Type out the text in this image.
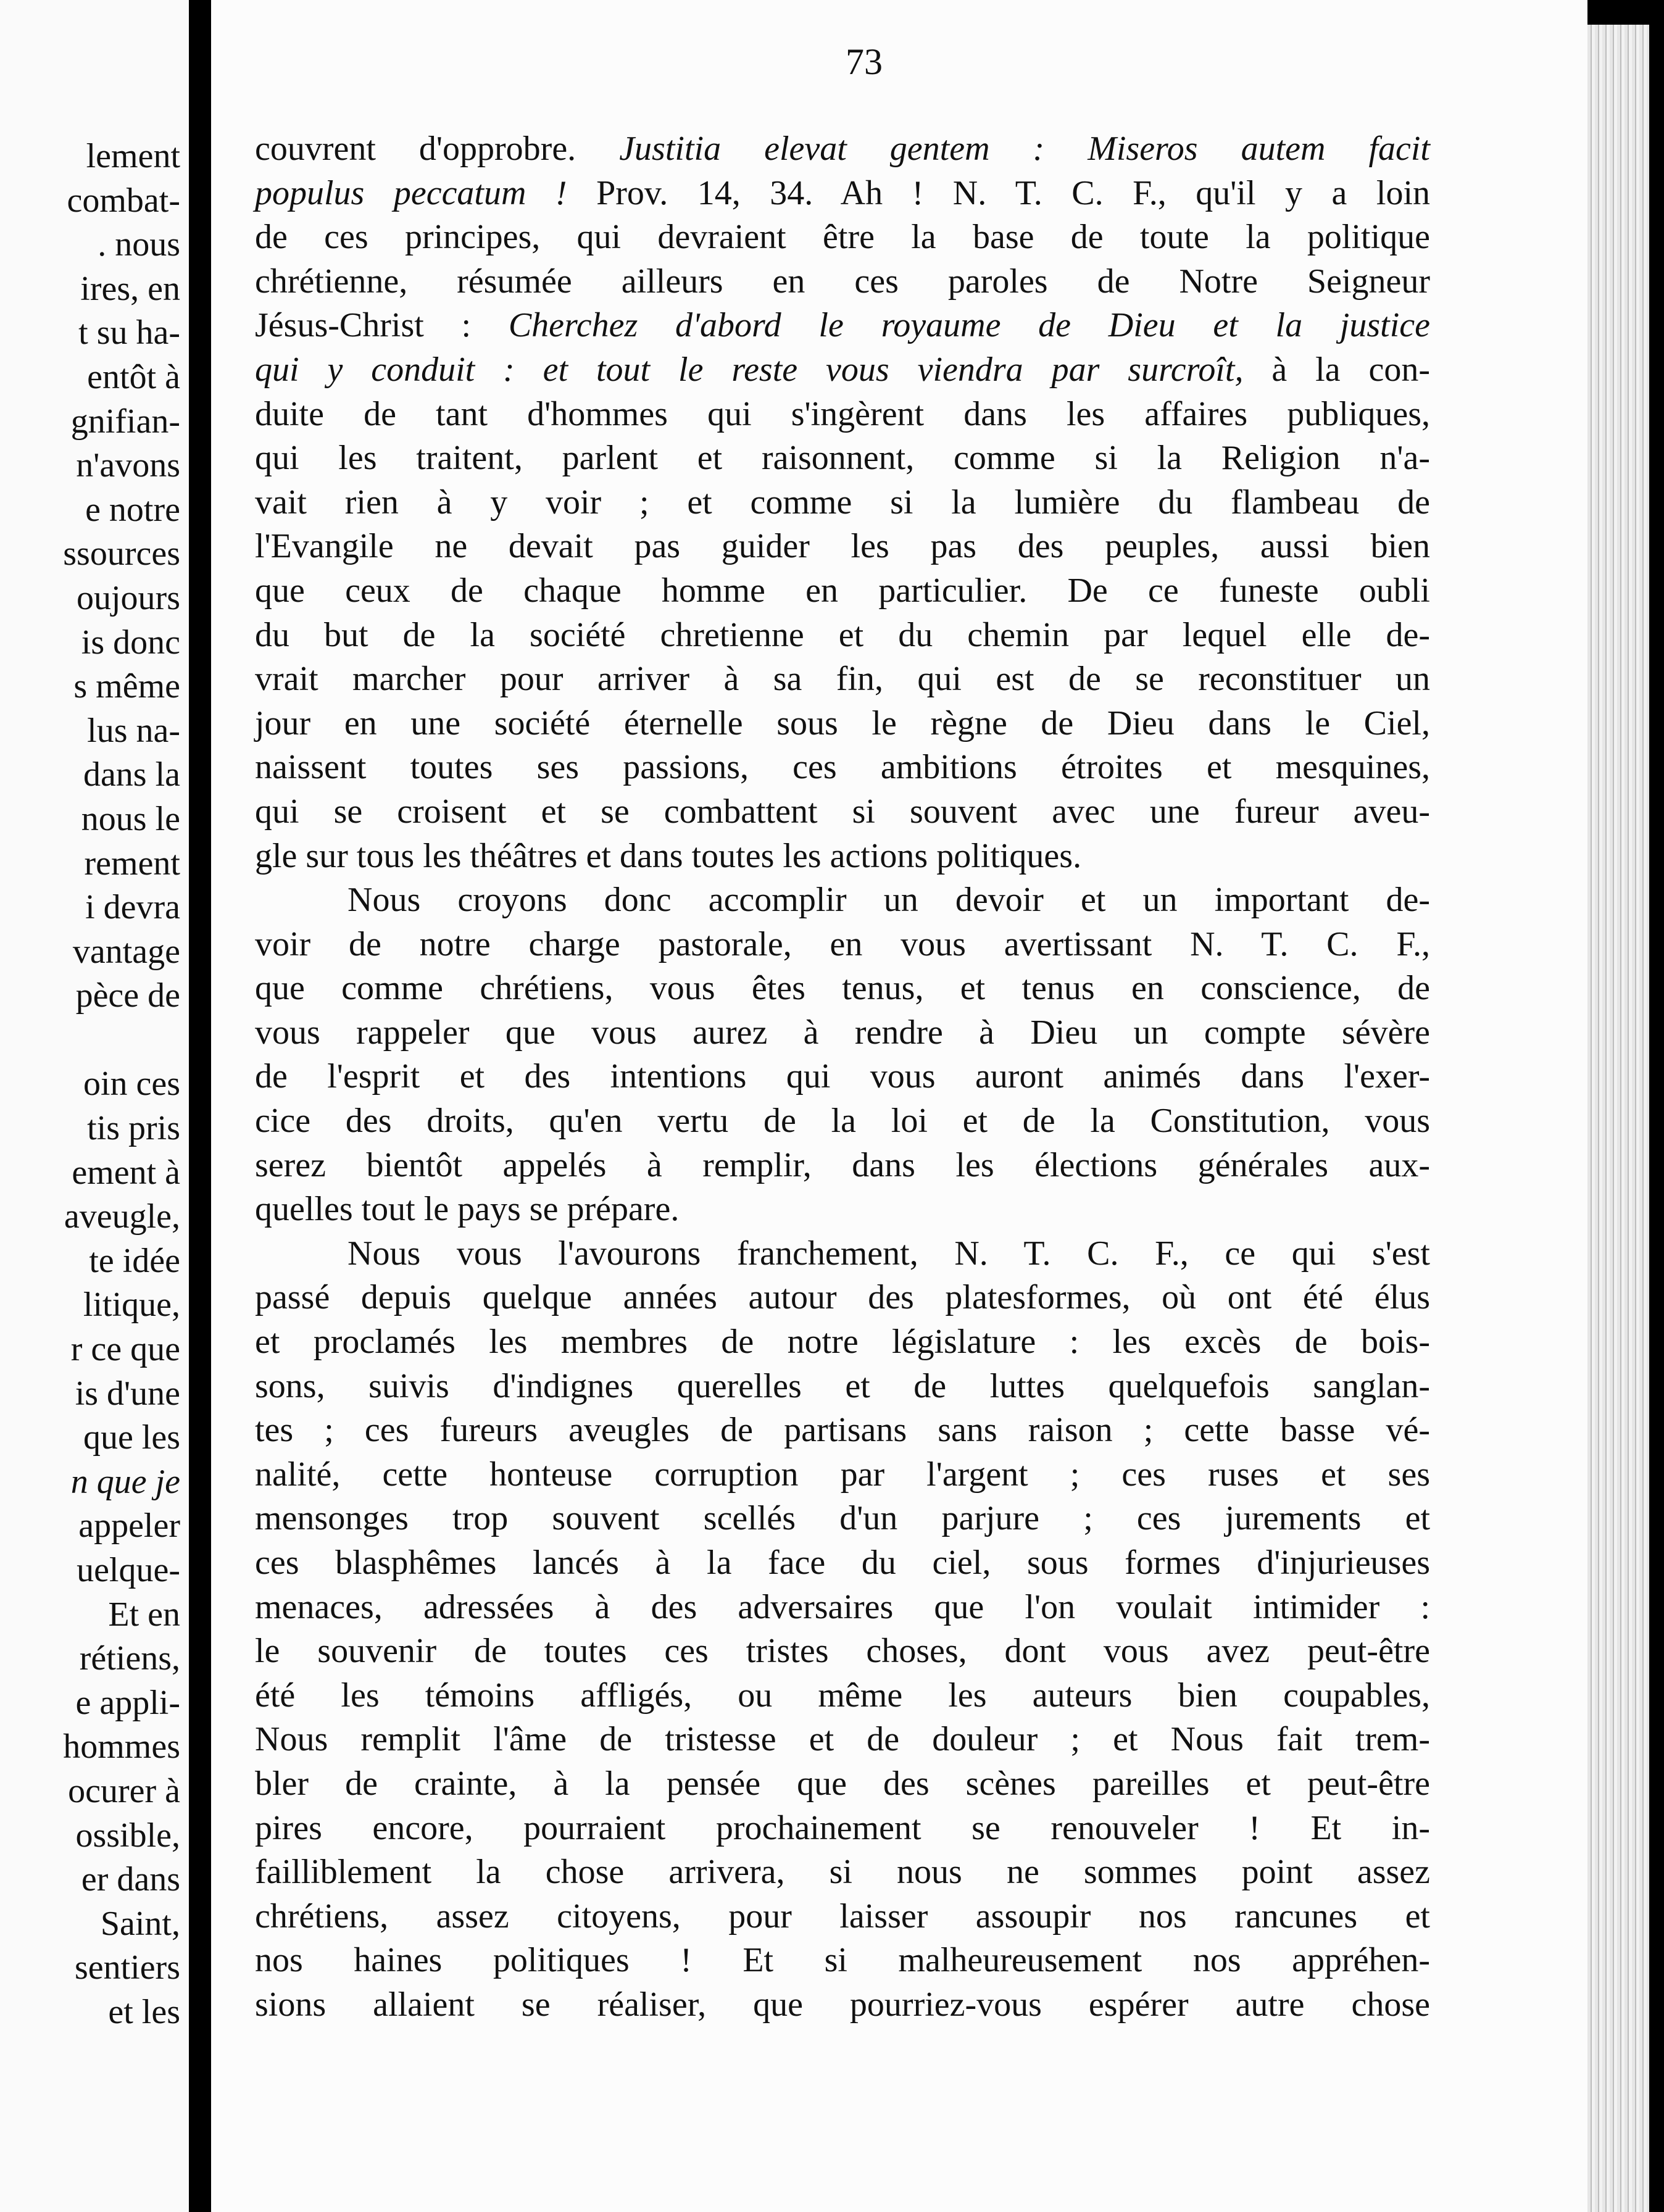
lement
combat-
. nous
ires, en
t su ha-
entôt à
gnifian-
n'avons
e notre
ssources
oujours
is donc
s même
lus na-
dans la
nous le
rement
i devra
vantage
pèce de

oin ces
tis pris
ement à
aveugle,
te idée
litique,
r ce que
is d'une
que les
n que je
appeler
uelque-
Et en
rétiens,
e appli-
hommes
ocurer à
ossible,
er dans
Saint,
sentiers
et les
73
couvrent d'opprobre. Justitia elevat gentem : Miseros autem facit
populus peccatum ! Prov. 14, 34. Ah ! N. T. C. F., qu'il y a loin
de ces principes, qui devraient être la base de toute la politique
chrétienne, résumée ailleurs en ces paroles de Notre Seigneur
Jésus-Christ : Cherchez d'abord le royaume de Dieu et la justice
qui y conduit : et tout le reste vous viendra par surcroît, à la con-
duite de tant d'hommes qui s'ingèrent dans les affaires publiques,
qui les traitent, parlent et raisonnent, comme si la Religion n'a-
vait rien à y voir ; et comme si la lumière du flambeau de
l'Evangile ne devait pas guider les pas des peuples, aussi bien
que ceux de chaque homme en particulier. De ce funeste oubli
du but de la société chretienne et du chemin par lequel elle de-
vrait marcher pour arriver à sa fin, qui est de se reconstituer un
jour en une société éternelle sous le règne de Dieu dans le Ciel,
naissent toutes ses passions, ces ambitions étroites et mesquines,
qui se croisent et se combattent si souvent avec une fureur aveu-
gle sur tous les théâtres et dans toutes les actions politiques.
Nous croyons donc accomplir un devoir et un important de-
voir de notre charge pastorale, en vous avertissant N. T. C. F.,
que comme chrétiens, vous êtes tenus, et tenus en conscience, de
vous rappeler que vous aurez à rendre à Dieu un compte sévère
de l'esprit et des intentions qui vous auront animés dans l'exer-
cice des droits, qu'en vertu de la loi et de la Constitution, vous
serez bientôt appelés à remplir, dans les élections générales aux-
quelles tout le pays se prépare.
Nous vous l'avourons franchement, N. T. C. F., ce qui s'est
passé depuis quelque années autour des platesformes, où ont été élus
et proclamés les membres de notre législature : les excès de bois-
sons, suivis d'indignes querelles et de luttes quelquefois sanglan-
tes ; ces fureurs aveugles de partisans sans raison ; cette basse vé-
nalité, cette honteuse corruption par l'argent ; ces ruses et ses
mensonges trop souvent scellés d'un parjure ; ces jurements et
ces blasphêmes lancés à la face du ciel, sous formes d'injurieuses
menaces, adressées à des adversaires que l'on voulait intimider :
le souvenir de toutes ces tristes choses, dont vous avez peut-être
été les témoins affligés, ou même les auteurs bien coupables,
Nous remplit l'âme de tristesse et de douleur ; et Nous fait trem-
bler de crainte, à la pensée que des scènes pareilles et peut-être
pires encore, pourraient prochainement se renouveler ! Et in-
failliblement la chose arrivera, si nous ne sommes point assez
chrétiens, assez citoyens, pour laisser assoupir nos rancunes et
nos haines politiques ! Et si malheureusement nos appréhen-
sions allaient se réaliser, que pourriez-vous espérer autre chose
